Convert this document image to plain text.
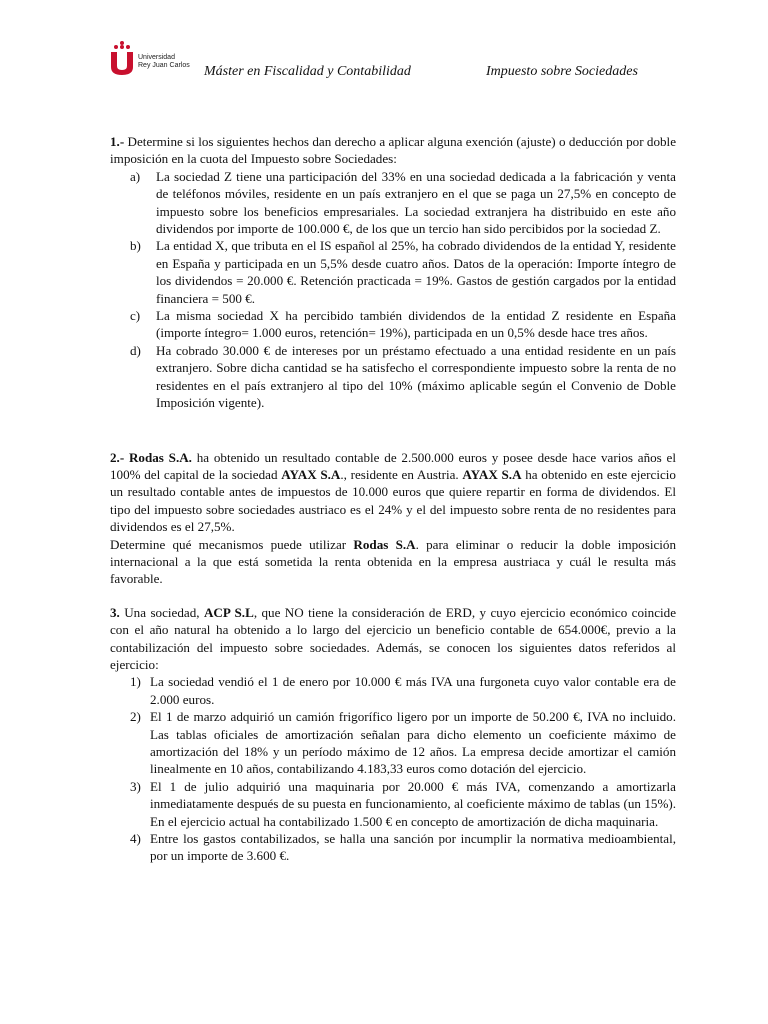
Universidad
Rey Juan Carlos Máster en Fiscalidad y Contabilidad	Impuesto sobre Sociedades

1.- Determine si los siguientes hechos dan derecho a aplicar alguna exención (ajuste) o deducción por doble imposición en la cuota del Impuesto sobre Sociedades:

a) La sociedad Z tiene una participación del 33% en una sociedad dedicada a la fabricación y venta de teléfonos móviles, residente en un país extranjero en el que se paga un 27,5% en concepto de impuesto sobre los beneficios empresariales. La sociedad extranjera ha distribuido en este año dividendos por importe de 100.000 €, de los que un tercio han sido percibidos por la sociedad Z.
b) La entidad X, que tributa en el IS español al 25%, ha cobrado dividendos de la entidad Y, residente en España y participada en un 5,5% desde cuatro años. Datos de la operación: Importe íntegro de los dividendos = 20.000 €. Retención practicada = 19%. Gastos de gestión cargados por la entidad financiera = 500 €.
c) La misma sociedad X ha percibido también dividendos de la entidad Z residente en España (importe íntegro= 1.000 euros, retención= 19%), participada en un 0,5% desde hace tres años.
d) Ha cobrado 30.000 € de intereses por un préstamo efectuado a una entidad residente en un país extranjero. Sobre dicha cantidad se ha satisfecho el correspondiente impuesto sobre la renta de no residentes en el país extranjero al tipo del 10% (máximo aplicable según el Convenio de Doble Imposición vigente).

2.- Rodas S.A. ha obtenido un resultado contable de 2.500.000 euros y posee desde hace varios años el 100% del capital de la sociedad AYAX S.A., residente en Austria. AYAX S.A ha obtenido en este ejercicio un resultado contable antes de impuestos de 10.000 euros que quiere repartir en forma de dividendos. El tipo del impuesto sobre sociedades austriaco es el 24% y el del impuesto sobre renta de no residentes para dividendos es el 27,5%.

Determine qué mecanismos puede utilizar Rodas S.A. para eliminar o reducir la doble imposición internacional a la que está sometida la renta obtenida en la empresa austriaca y cuál le resulta más favorable.

3. Una sociedad, ACP S.L, que NO tiene la consideración de ERD, y cuyo ejercicio económico coincide con el año natural ha obtenido a lo largo del ejercicio un beneficio contable de 654.000€, previo a la contabilización del impuesto sobre sociedades. Además, se conocen los siguientes datos referidos al ejercicio:

1) La sociedad vendió el 1 de enero por 10.000 € más IVA una furgoneta cuyo valor contable era de 2.000 euros.
2) El 1 de marzo adquirió un camión frigorífico ligero por un importe de 50.200 €, IVA no incluido. Las tablas oficiales de amortización señalan para dicho elemento un coeficiente máximo de amortización del 18% y un período máximo de 12 años. La empresa decide amortizar el camión linealmente en 10 años, contabilizando 4.183,33 euros como dotación del ejercicio.
3) El 1 de julio adquirió una maquinaria por 20.000 € más IVA, comenzando a amortizarla inmediatamente después de su puesta en funcionamiento, al coeficiente máximo de tablas (un 15%). En el ejercicio actual ha contabilizado 1.500 € en concepto de amortización de dicha maquinaria.
4) Entre los gastos contabilizados, se halla una sanción por incumplir la normativa medioambiental, por un importe de 3.600 €.
